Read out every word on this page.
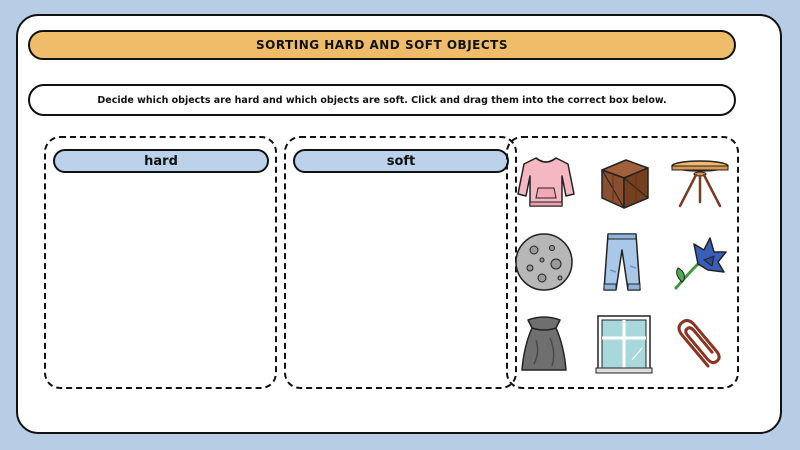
SORTING HARD AND SOFT OBJECTS
Decide which objects are hard and which objects are soft. Click and drag them into the correct box below.
hard	soft
